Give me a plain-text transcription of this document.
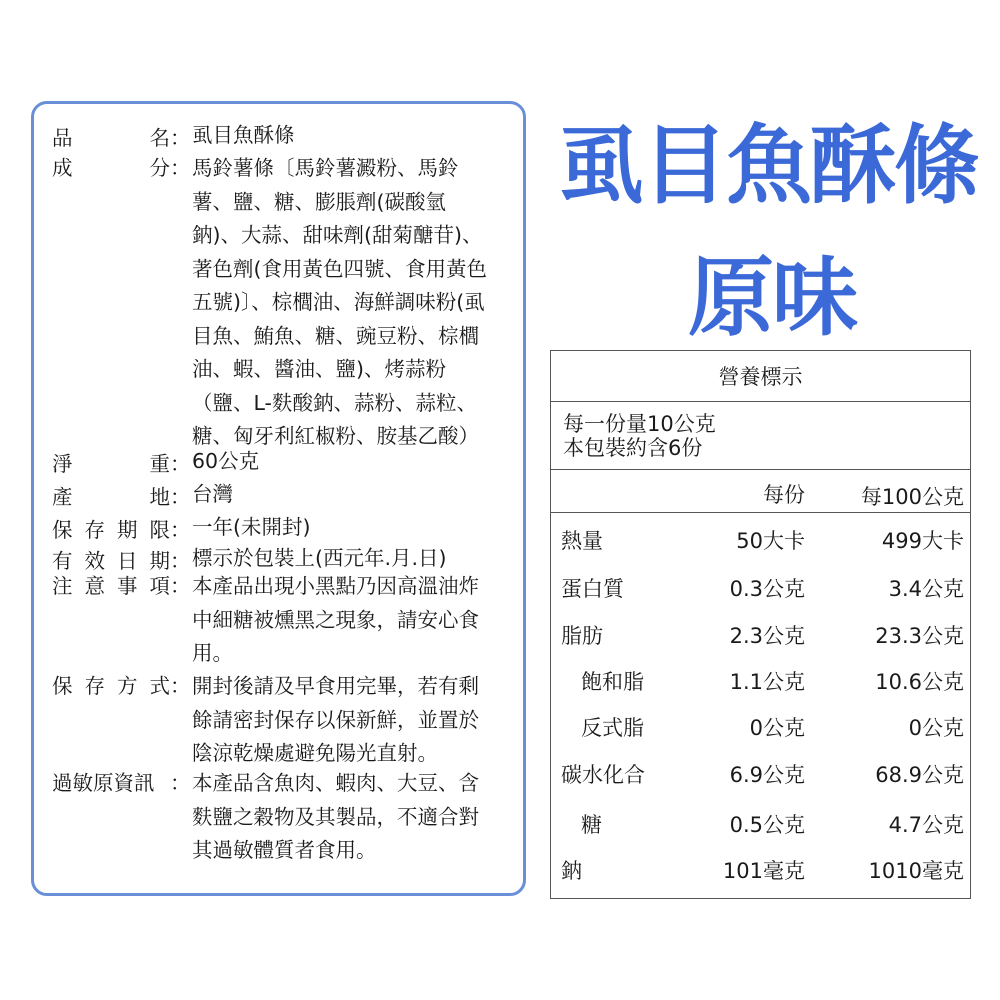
品	名 ： 虱目魚酥條
成	分 ： 馬鈴薯條〔馬鈴薯澱粉、馬鈴
薯、鹽、糖、膨脹劑(碳酸氫
鈉)、大蒜、甜味劑(甜菊醣苷)、
著色劑(食用黃色四號、食用黃色
五號)〕、棕櫚油、海鮮調味粉(虱
目魚、鮪魚、糖、豌豆粉、棕櫚
油、蝦、醬油、鹽)、烤蒜粉
（鹽、L-麩酸鈉、蒜粉、蒜粒、
糖、匈牙利紅椒粉、胺基乙酸）
淨	重 ： 60公克
產	地 ： 台灣
保 存 期 限 ： 一年(未開封)
有 效 日 期 ： 標示於包裝上(西元年.月.日)
注 意 事 項 ： 本產品出現小黑點乃因高溫油炸
中細糖被燻黑之現象，請安心食
用。
保 存 方 式 ： 開封後請及早食用完畢，若有剩
餘請密封保存以保新鮮，並置於
陰涼乾燥處避免陽光直射。
過敏原資訊 ： 本產品含魚肉、蝦肉、大豆、含
麩鹽之穀物及其製品，不適合對
其過敏體質者食用。
虱目魚酥條
原味
營養標示
每一份量10公克
本包裝約含6份
每份	每100公克
熱量	50大卡	499大卡
蛋白質	0.3公克	3.4公克
脂肪	2.3公克	23.3公克
飽和脂	1.1公克	10.6公克
反式脂	0公克	0公克
碳水化合	6.9公克	68.9公克
糖	0.5公克	4.7公克
鈉	101毫克	1010毫克
